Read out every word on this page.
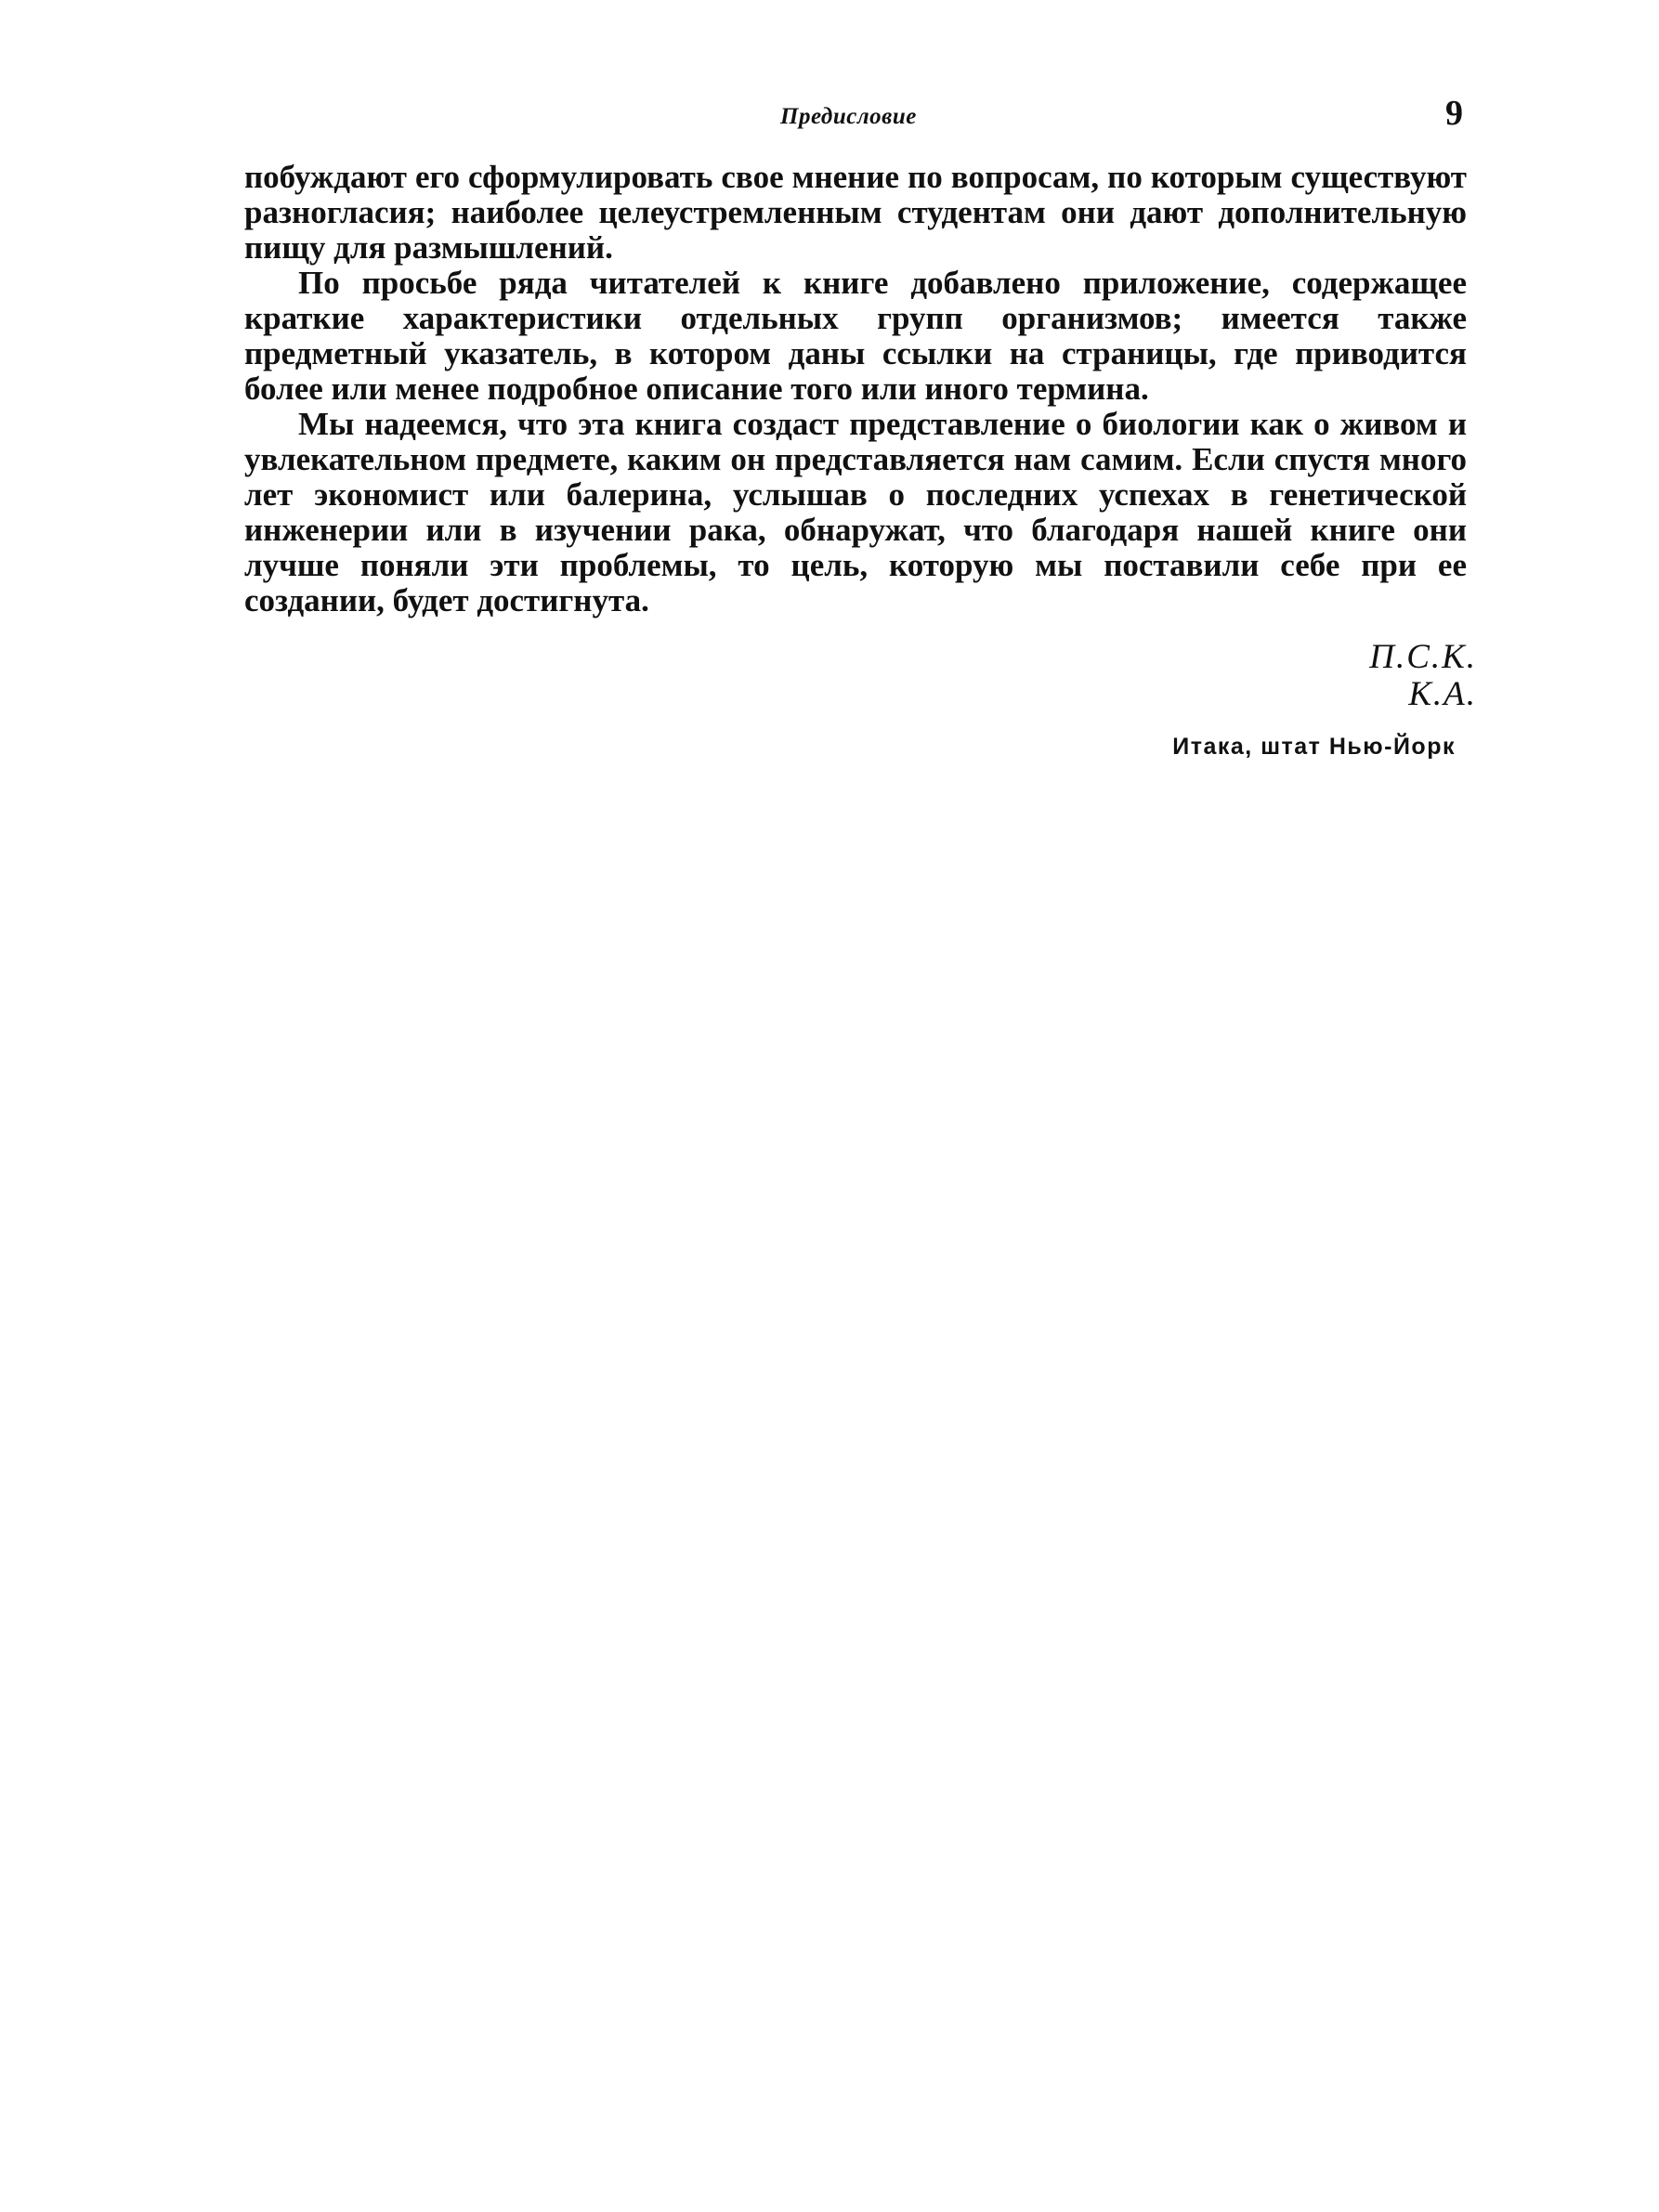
Предисловие	9

побуждают его сформулировать свое мнение по вопросам, по которым существуют разногласия; наиболее целеустремленным студентам они дают дополнительную пищу для размышлений.

По просьбе ряда читателей к книге добавлено приложение, содержащее краткие характеристики отдельных групп организмов; имеется также предметный указатель, в котором даны ссылки на страницы, где приводится более или менее подробное описание того или иного термина.

Мы надеемся, что эта книга создаст представление о биологии как о живом и увлекательном предмете, каким он представляется нам самим. Если спустя много лет экономист или балерина, услышав о последних успехах в генетической инженерии или в изучении рака, обнаружат, что благодаря нашей книге они лучше поняли эти проблемы, то цель, которую мы поставили себе при ее создании, будет достигнута.

П.С.К.
К.А.
Итака, штат Нью-Йорк
